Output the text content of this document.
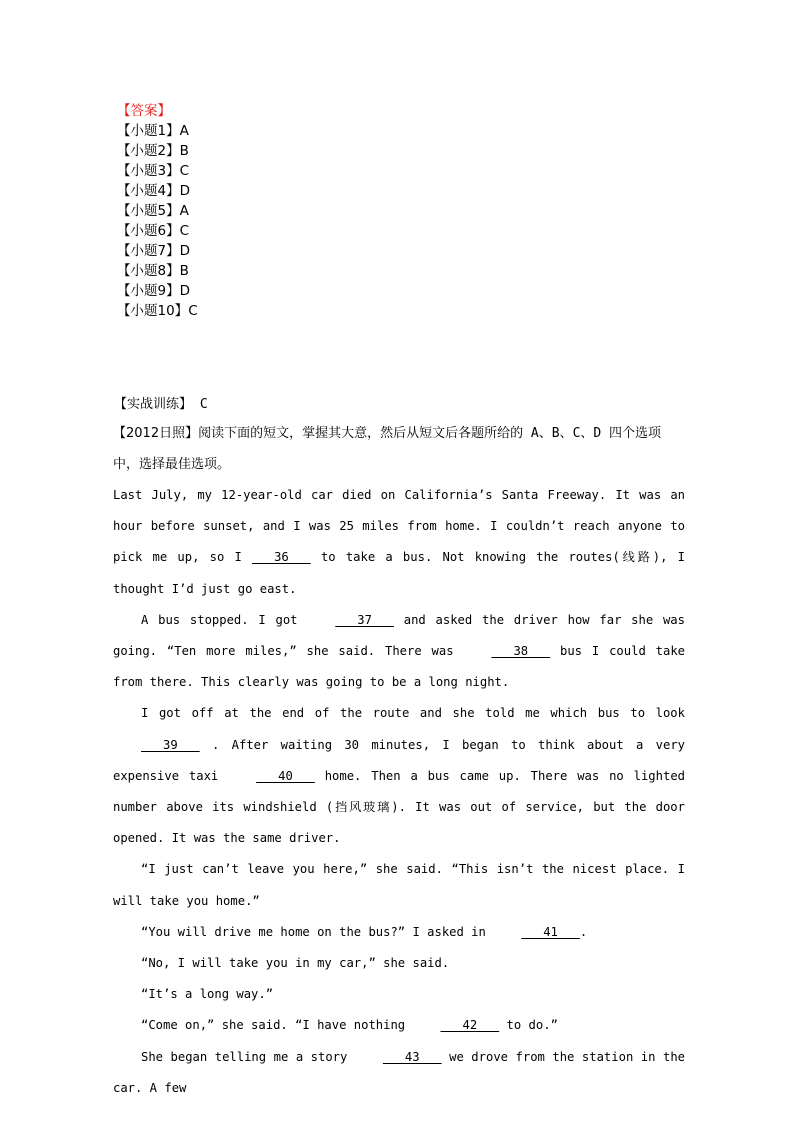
【答案】
【小题1】A
【小题2】B
【小题3】C
【小题4】D
【小题5】A
【小题6】C
【小题7】D
【小题8】B
【小题9】D
【小题10】C
【实战训练】 C
【2012日照】阅读下面的短文，掌握其大意，然后从短文后各题所给的 A、B、C、D 四个选项中，选择最佳选项。
Last July, my 12-year-old car died on California’s Santa Freeway. It was an hour before sunset, and I was 25 miles from home. I couldn’t reach anyone to pick me up, so I    36    to take a bus. Not knowing the routes(线路), I thought I’d just go east.
A bus stopped. I got    37    and asked the driver how far she was going. “Ten more miles,” she said. There was    38    bus I could take from there. This clearly was going to be a long night.
I got off at the end of the route and she told me which bus to look    39    . After waiting 30 minutes, I began to think about a very expensive taxi    40    home. Then a bus came up. There was no lighted number above its windshield (挡风玻璃). It was out of service, but the door opened. It was the same driver.
“I just can’t leave you here,” she said. “This isn’t the nicest place. I will take you home.”
“You will drive me home on the bus?” I asked in    41   .
“No, I will take you in my car,” she said.
“It’s a long way.”
“Come on,” she said. “I have nothing    42    to do.”
She began telling me a story    43    we drove from the station in the car. A few
